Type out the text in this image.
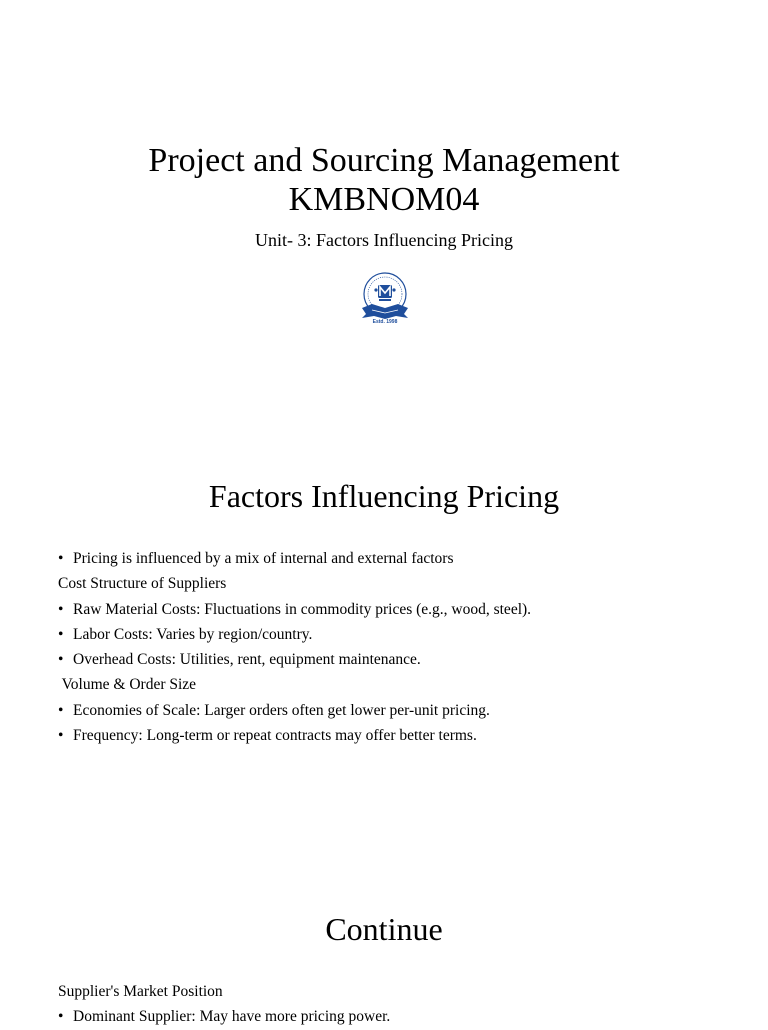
Project and Sourcing Management
KMBNOM04
Unit- 3: Factors Influencing Pricing
Estd. 1998
Factors Influencing Pricing
• Pricing is influenced by a mix of internal and external factors
Cost Structure of Suppliers
• Raw Material Costs: Fluctuations in commodity prices (e.g., wood, steel).
• Labor Costs: Varies by region/country.
• Overhead Costs: Utilities, rent, equipment maintenance.
Volume & Order Size
• Economies of Scale: Larger orders often get lower per-unit pricing.
• Frequency: Long-term or repeat contracts may offer better terms.
Continue
Supplier's Market Position
• Dominant Supplier: May have more pricing power.
